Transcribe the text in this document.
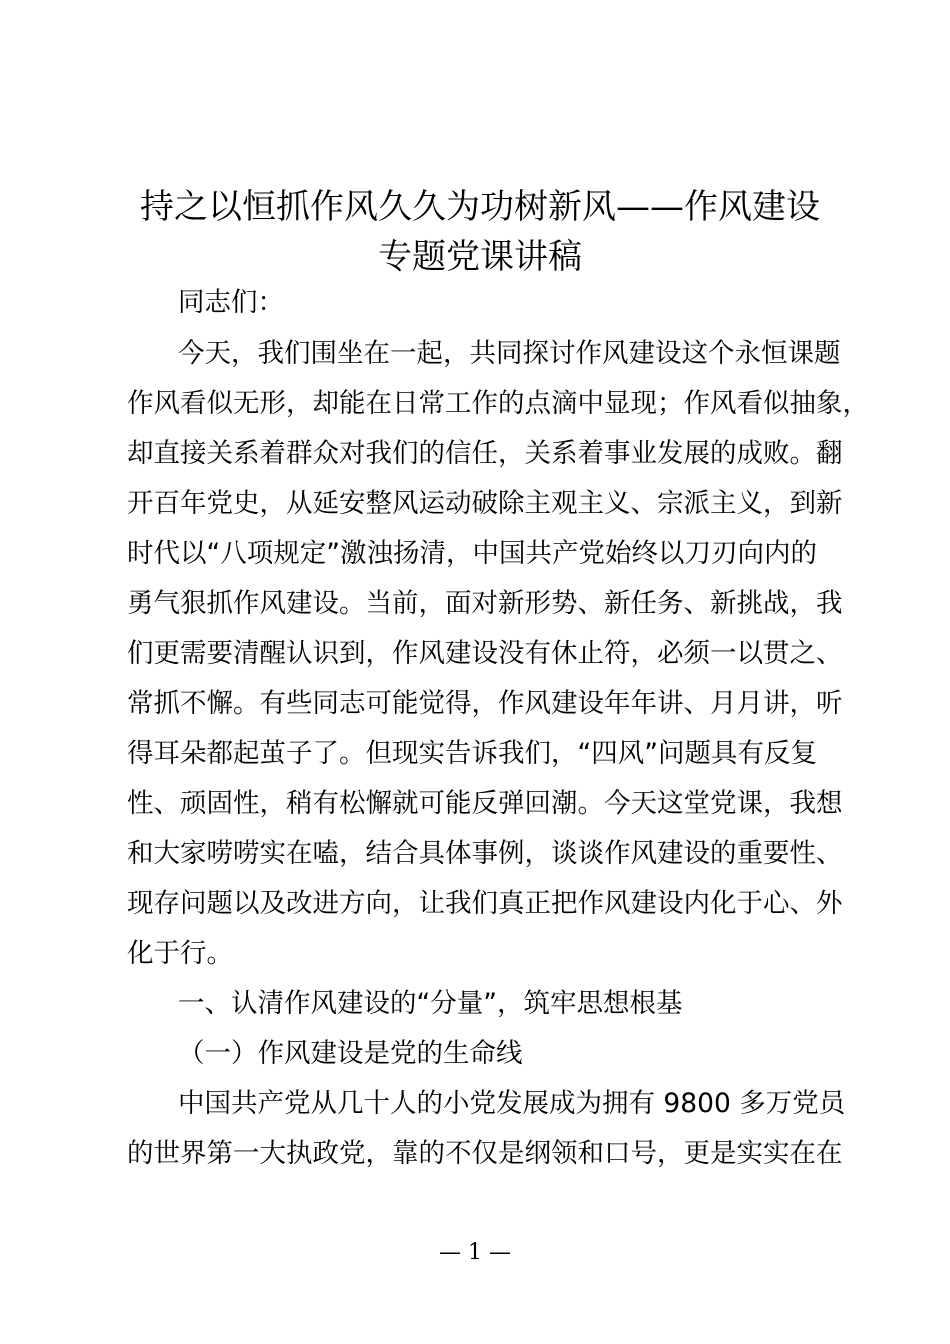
持之以恒抓作风久久为功树新风——作风建设
专题党课讲稿
同志们：
今天，我们围坐在一起，共同探讨作风建设这个永恒课题
作风看似无形，却能在日常工作的点滴中显现；作风看似抽象，
却直接关系着群众对我们的信任，关系着事业发展的成败。翻
开百年党史，从延安整风运动破除主观主义、宗派主义，到新
时代以“八项规定”激浊扬清，中国共产党始终以刀刃向内的
勇气狠抓作风建设。当前，面对新形势、新任务、新挑战，我
们更需要清醒认识到，作风建设没有休止符，必须一以贯之、
常抓不懈。有些同志可能觉得，作风建设年年讲、月月讲，听
得耳朵都起茧子了。但现实告诉我们，“四风”问题具有反复
性、顽固性，稍有松懈就可能反弹回潮。今天这堂党课，我想
和大家唠唠实在嗑，结合具体事例，谈谈作风建设的重要性、
现存问题以及改进方向，让我们真正把作风建设内化于心、外
化于行。
一、认清作风建设的“分量”，筑牢思想根基
（一）作风建设是党的生命线
中国共产党从几十人的小党发展成为拥有 9800 多万党员
的世界第一大执政党，靠的不仅是纲领和口号，更是实实在在
— 1 —
